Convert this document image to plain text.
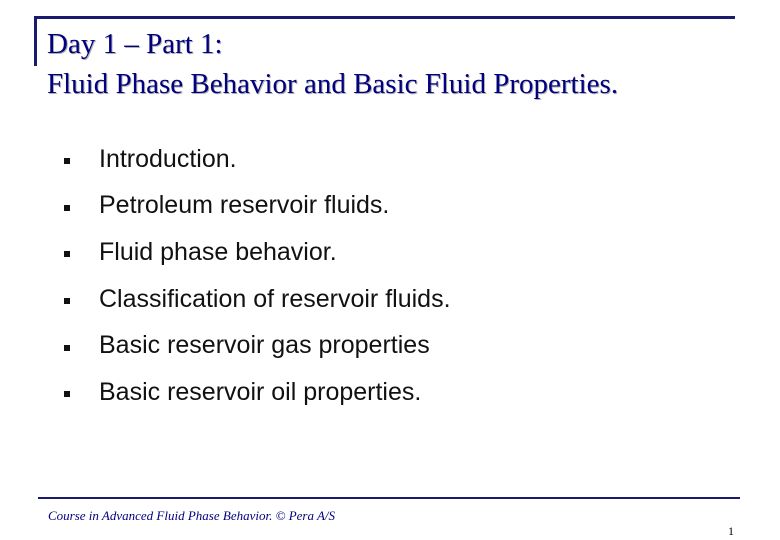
Day 1 – Part 1:
Fluid Phase Behavior and Basic Fluid Properties.
Introduction.
Petroleum reservoir fluids.
Fluid phase behavior.
Classification of reservoir fluids.
Basic reservoir gas properties
Basic reservoir oil properties.
Course in Advanced Fluid Phase Behavior. © Pera A/S
1
